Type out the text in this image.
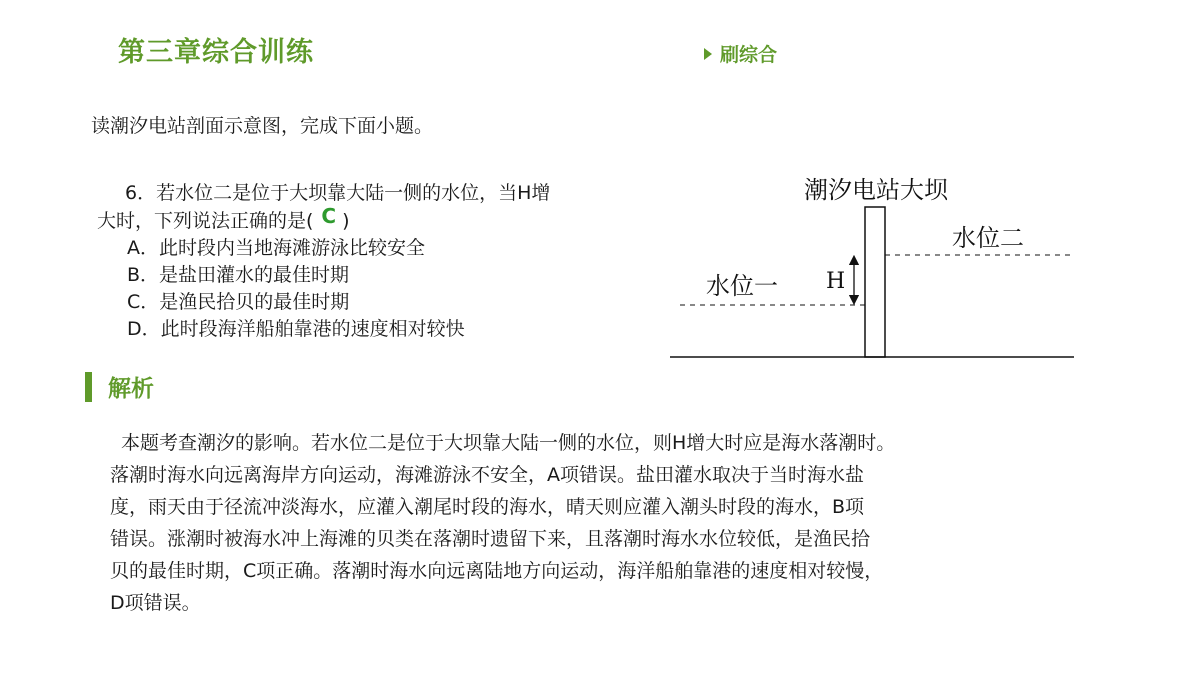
第三章综合训练	刷综合
读潮汐电站剖面示意图，完成下面小题。
6．若水位二是位于大坝靠大陆一侧的水位，当H增
大时，下列说法正确的是( C )
A．此时段内当地海滩游泳比较安全
B．是盐田灌水的最佳时期
C．是渔民拾贝的最佳时期
D．此时段海洋船舶靠港的速度相对较快
潮汐电站大坝
水位二
水位一 H
解析
本题考查潮汐的影响。若水位二是位于大坝靠大陆一侧的水位，则H增大时应是海水落潮时。
落潮时海水向远离海岸方向运动，海滩游泳不安全，A项错误。盐田灌水取决于当时海水盐
度，雨天由于径流冲淡海水，应灌入潮尾时段的海水，晴天则应灌入潮头时段的海水，B项
错误。涨潮时被海水冲上海滩的贝类在落潮时遗留下来，且落潮时海水水位较低，是渔民拾
贝的最佳时期，C项正确。落潮时海水向远离陆地方向运动，海洋船舶靠港的速度相对较慢，
D项错误。
